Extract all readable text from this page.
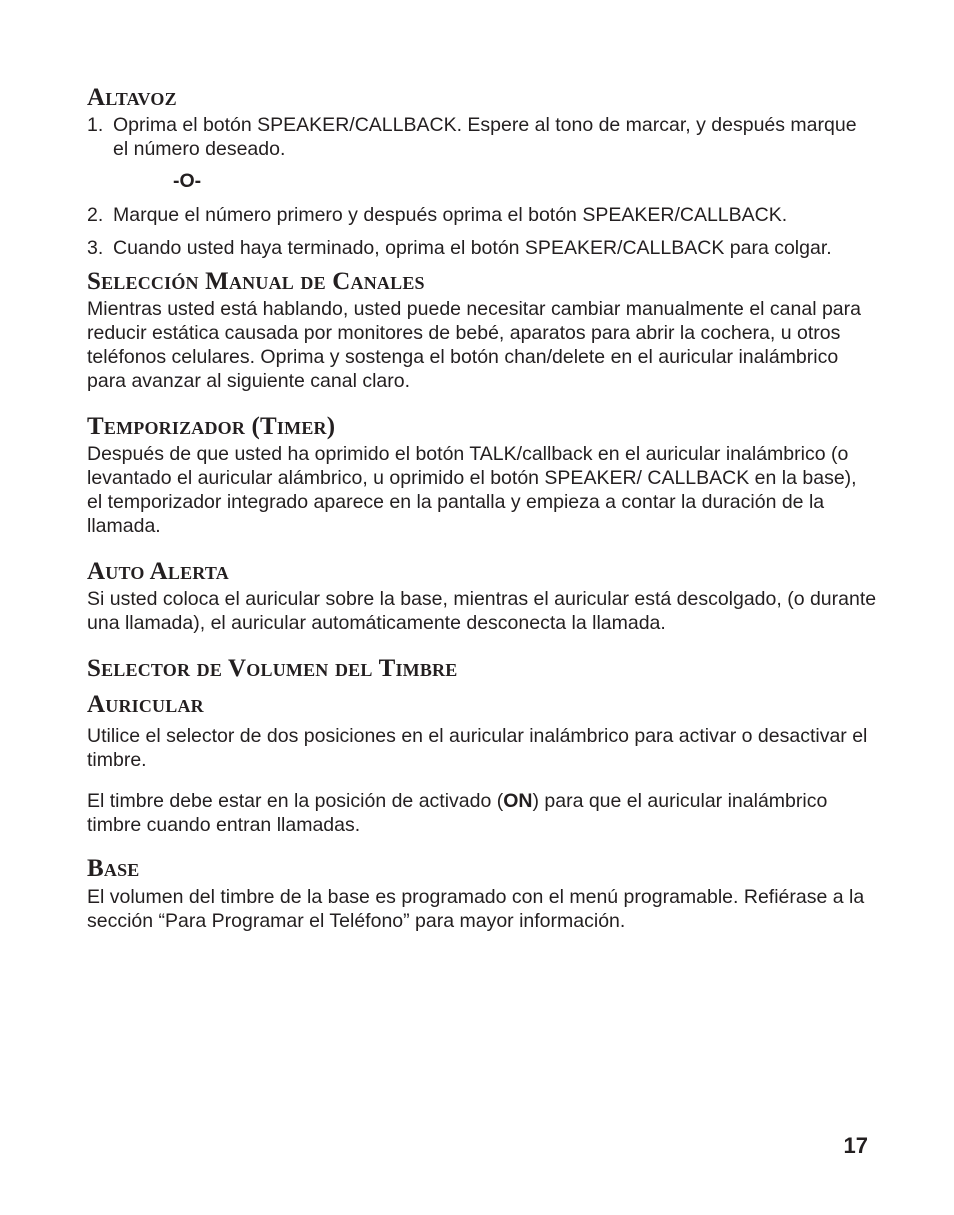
Altavoz
1. Oprima el botón SPEAKER/CALLBACK. Espere al tono de marcar, y después marque el número deseado.

-O-

2. Marque el número primero y después oprima el botón SPEAKER/CALLBACK.
3. Cuando usted haya terminado, oprima el botón SPEAKER/CALLBACK para colgar.
Selección Manual de Canales

Mientras usted está hablando, usted puede necesitar cambiar manualmente el canal para reducir estática causada por monitores de bebé, aparatos para abrir la cochera, u otros teléfonos celulares. Oprima y sostenga el botón chan/delete en el auricular inalámbrico para avanzar al siguiente canal claro.

Temporizador (Timer)

Después de que usted ha oprimido el botón TALK/callback en el auricular inalámbrico (o levantado el auricular alámbrico, u oprimido el botón SPEAKER/ CALLBACK en la base), el temporizador integrado aparece en la pantalla y empieza a contar la duración de la llamada.

Auto Alerta

Si usted coloca el auricular sobre la base, mientras el auricular está descolgado, (o durante una llamada), el auricular automáticamente desconecta la llamada.

Selector de Volumen del Timbre
Auricular

Utilice el selector de dos posiciones en el auricular inalámbrico para activar o desactivar el timbre.

El timbre debe estar en la posición de activado (ON) para que el auricular inalámbrico timbre cuando entran llamadas.

Base

El volumen del timbre de la base es programado con el menú programable. Refiérase a la sección “Para Programar el Teléfono” para mayor información.

17
